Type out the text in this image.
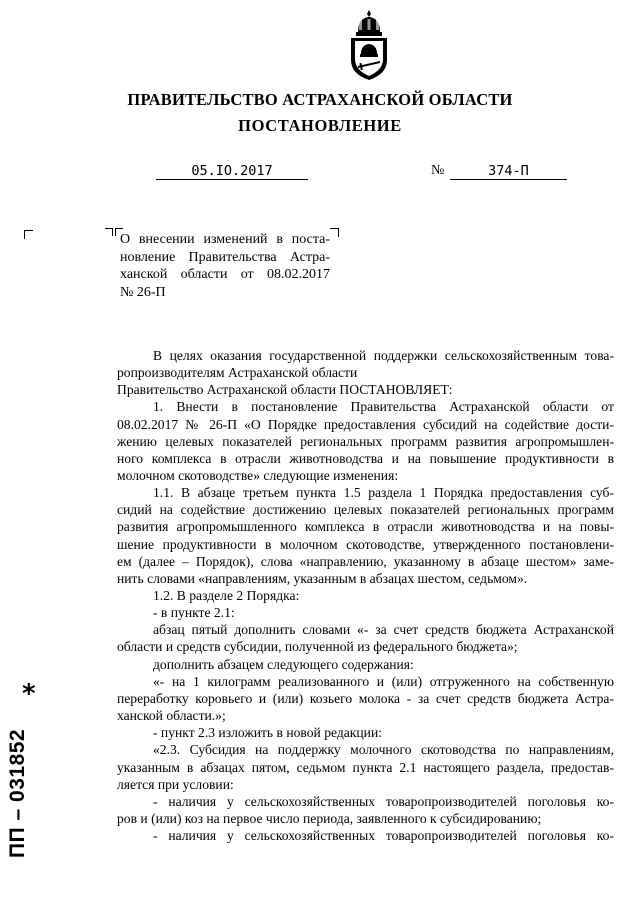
ПРАВИТЕЛЬСТВО АСТРАХАНСКОЙ ОБЛАСТИ
ПОСТАНОВЛЕНИЕ
05.IO.2017	№	374-П
О внесении изменений в поста-
новление Правительства Астра-
ханской области от 08.02.2017
№ 26-П
В целях оказания государственной поддержки сельскохозяйственным това-
ропроизводителям Астраханской области
Правительство Астраханской области ПОСТАНОВЛЯЕТ:
1. Внести в постановление Правительства Астраханской области от
08.02.2017 № 26-П «О Порядке предоставления субсидий на содействие дости-
жению целевых показателей региональных программ развития агропромышлен-
ного комплекса в отрасли животноводства и на повышение продуктивности в
молочном скотоводстве» следующие изменения:
1.1. В абзаце третьем пункта 1.5 раздела 1 Порядка предоставления суб-
сидий на содействие достижению целевых показателей региональных программ
развития агропромышленного комплекса в отрасли животноводства и на повы-
шение продуктивности в молочном скотоводстве, утвержденного постановлени-
ем (далее – Порядок), слова «направлению, указанному в абзаце шестом» заме-
нить словами «направлениям, указанным в абзацах шестом, седьмом».
1.2. В разделе 2 Порядка:
- в пункте 2.1:
абзац пятый дополнить словами «- за счет средств бюджета Астраханской
области и средств субсидии, полученной из федерального бюджета»;
дополнить абзацем следующего содержания:
«- на 1 килограмм реализованного и (или) отгруженного на собственную
переработку коровьего и (или) козьего молока - за счет средств бюджета Астра-
ханской области.»;
- пункт 2.3 изложить в новой редакции:
«2.3. Субсидия на поддержку молочного скотоводства по направлениям,
указанным в абзацах пятом, седьмом пункта 2.1 настоящего раздела, предостав-
ляется при условии:
- наличия у сельскохозяйственных товаропроизводителей поголовья ко-
ров и (или) коз на первое число периода, заявленного к субсидированию;
- наличия у сельскохозяйственных товаропроизводителей поголовья ко-
*
ПП – 031852
